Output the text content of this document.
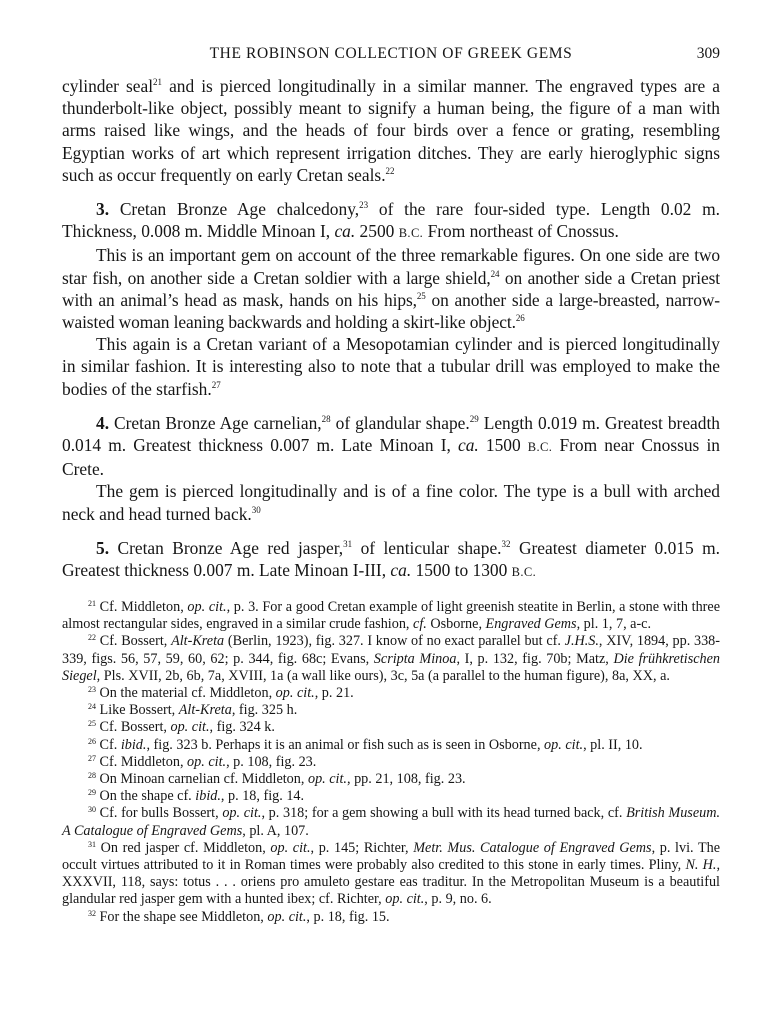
THE ROBINSON COLLECTION OF GREEK GEMS	309

cylinder seal$^{21}$ and is pierced longitudinally in a similar manner. The engraved types are a thunderbolt-like object, possibly meant to signify a human being, the figure of a man with arms raised like wings, and the heads of four birds over a fence or grating, resembling Egyptian works of art which represent irrigation ditches. They are early hieroglyphic signs such as occur frequently on early Cretan seals.$^{22}$

3. Cretan Bronze Age chalcedony,$^{23}$ of the rare four-sided type. Length 0.02 m. Thickness, 0.008 m. Middle Minoan I, ca. 2500 B.C. From northeast of Cnossus.

This is an important gem on account of the three remarkable figures. On one side are two star fish, on another side a Cretan soldier with a large shield,$^{24}$ on another side a Cretan priest with an animal’s head as mask, hands on his hips,$^{25}$ on another side a large-breasted, narrow-waisted woman leaning backwards and holding a skirt-like object.$^{26}$

This again is a Cretan variant of a Mesopotamian cylinder and is pierced longitudinally in similar fashion. It is interesting also to note that a tubular drill was employed to make the bodies of the starfish.$^{27}$

4. Cretan Bronze Age carnelian,$^{28}$ of glandular shape.$^{29}$ Length 0.019 m. Greatest breadth 0.014 m. Greatest thickness 0.007 m. Late Minoan I, ca. 1500 B.C. From near Cnossus in Crete.

The gem is pierced longitudinally and is of a fine color. The type is a bull with arched neck and head turned back.$^{30}$

5. Cretan Bronze Age red jasper,$^{31}$ of lenticular shape.$^{32}$ Greatest diameter 0.015 m. Greatest thickness 0.007 m. Late Minoan I-III, ca. 1500 to 1300 B.C.

$^{21}$ Cf. Middleton, op. cit., p. 3. For a good Cretan example of light greenish steatite in Berlin, a stone with three almost rectangular sides, engraved in a similar crude fashion, cf. Osborne, Engraved Gems, pl. 1, 7, a-c.

$^{22}$ Cf. Bossert, Alt-Kreta (Berlin, 1923), fig. 327. I know of no exact parallel but cf. J.H.S., XIV, 1894, pp. 338-339, figs. 56, 57, 59, 60, 62; p. 344, fig. 68c; Evans, Scripta Minoa, I, p. 132, fig. 70b; Matz, Die frühkretischen Siegel, Pls. XVII, 2b, 6b, 7a, XVIII, 1a (a wall like ours), 3c, 5a (a parallel to the human figure), 8a, XX, a.

$^{23}$ On the material cf. Middleton, op. cit., p. 21.

$^{24}$ Like Bossert, Alt-Kreta, fig. 325 h.

$^{25}$ Cf. Bossert, op. cit., fig. 324 k.

$^{26}$ Cf. ibid., fig. 323 b. Perhaps it is an animal or fish such as is seen in Osborne, op. cit., pl. II, 10.

$^{27}$ Cf. Middleton, op. cit., p. 108, fig. 23.

$^{28}$ On Minoan carnelian cf. Middleton, op. cit., pp. 21, 108, fig. 23.

$^{29}$ On the shape cf. ibid., p. 18, fig. 14.

$^{30}$ Cf. for bulls Bossert, op. cit., p. 318; for a gem showing a bull with its head turned back, cf. British Museum. A Catalogue of Engraved Gems, pl. A, 107.

$^{31}$ On red jasper cf. Middleton, op. cit., p. 145; Richter, Metr. Mus. Catalogue of Engraved Gems, p. lvi. The occult virtues attributed to it in Roman times were probably also credited to this stone in early times. Pliny, N. H., XXXVII, 118, says: totus . . . oriens pro amuleto gestare eas traditur. In the Metropolitan Museum is a beautiful glandular red jasper gem with a hunted ibex; cf. Richter, op. cit., p. 9, no. 6.

$^{32}$ For the shape see Middleton, op. cit., p. 18, fig. 15.
